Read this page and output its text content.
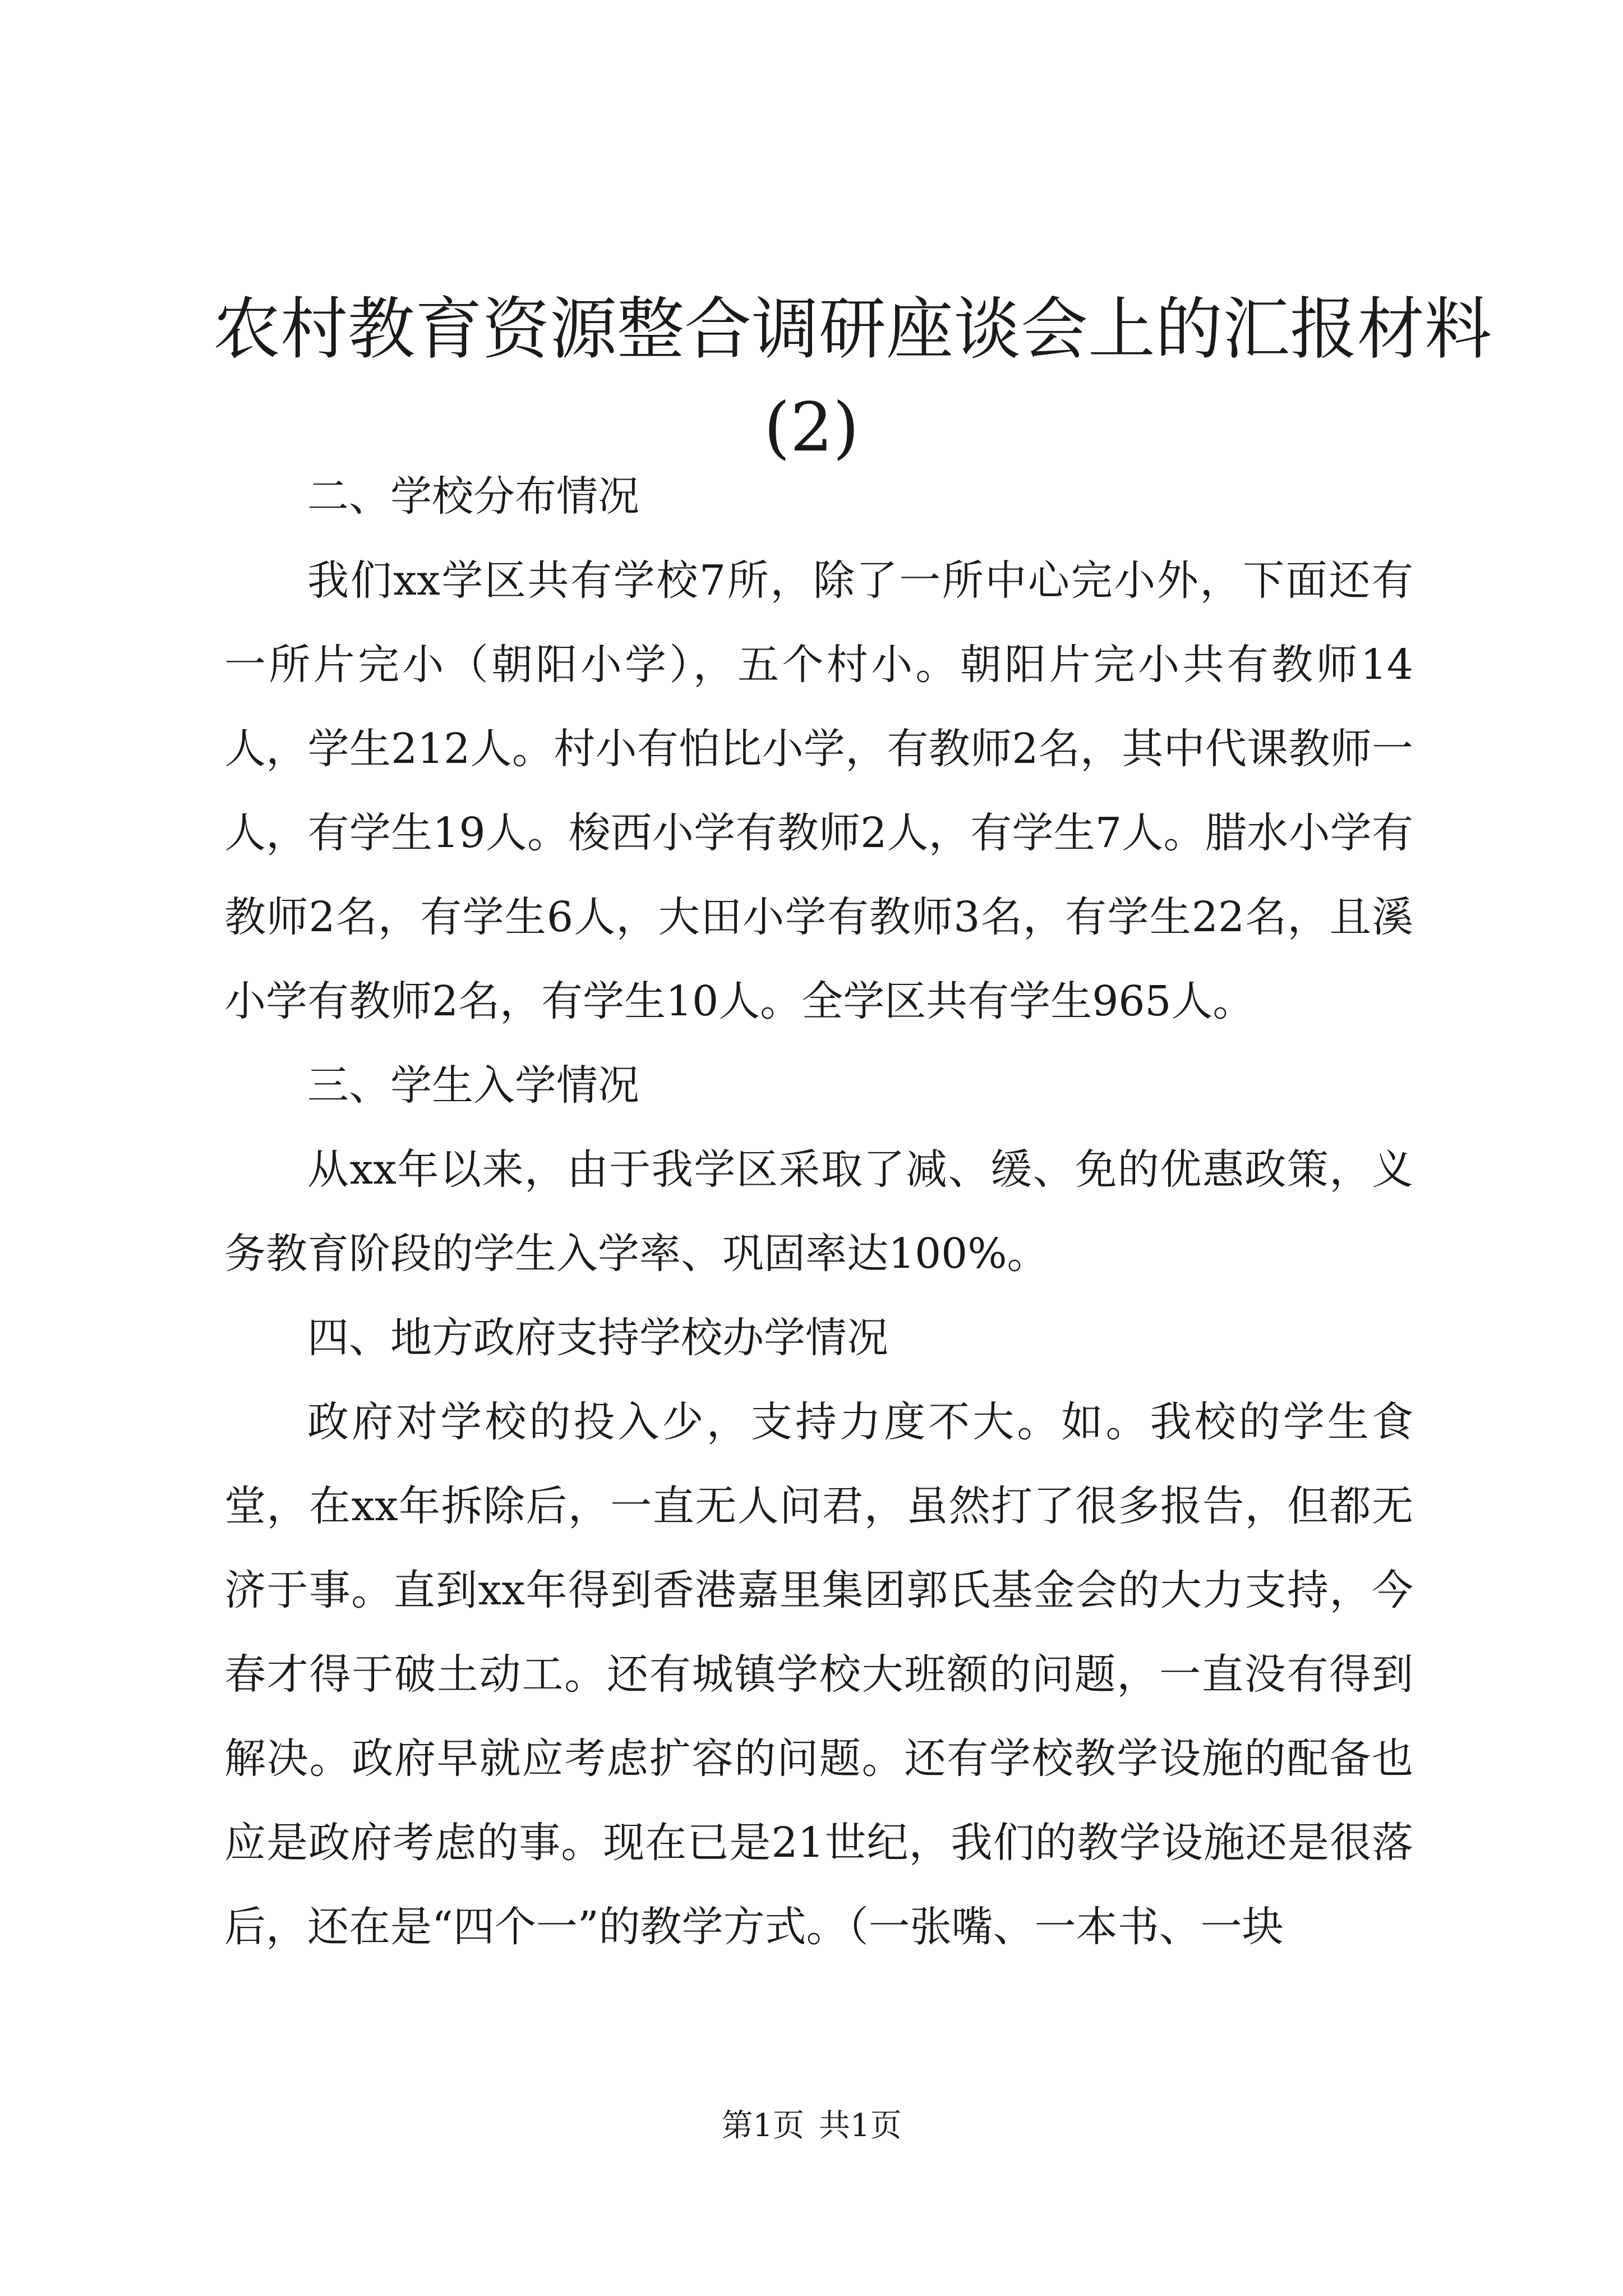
农村教育资源整合调研座谈会上的汇报材料
(2)

二、学校分布情况

我们xx学区共有学校7所，除了一所中心完小外，下面还有一所片完小（朝阳小学），五个村小。朝阳片完小共有教师14人，学生212人。村小有怕比小学，有教师2名，其中代课教师一人，有学生19人。梭西小学有教师2人，有学生7人。腊水小学有教师2名，有学生6人，大田小学有教师3名，有学生22名，且溪小学有教师2名，有学生10人。全学区共有学生965人。

三、学生入学情况

从xx年以来，由于我学区采取了减、缓、免的优惠政策，义务教育阶段的学生入学率、巩固率达100%。

四、地方政府支持学校办学情况

政府对学校的投入少，支持力度不大。如。我校的学生食堂，在xx年拆除后，一直无人问君，虽然打了很多报告，但都无济于事。直到xx年得到香港嘉里集团郭氏基金会的大力支持，今春才得于破土动工。还有城镇学校大班额的问题，一直没有得到解决。政府早就应考虑扩容的问题。还有学校教学设施的配备也应是政府考虑的事。现在已是21世纪，我们的教学设施还是很落后，还在是“四个一”的教学方式。（一张嘴、一本书、一块

第1页 共1页
